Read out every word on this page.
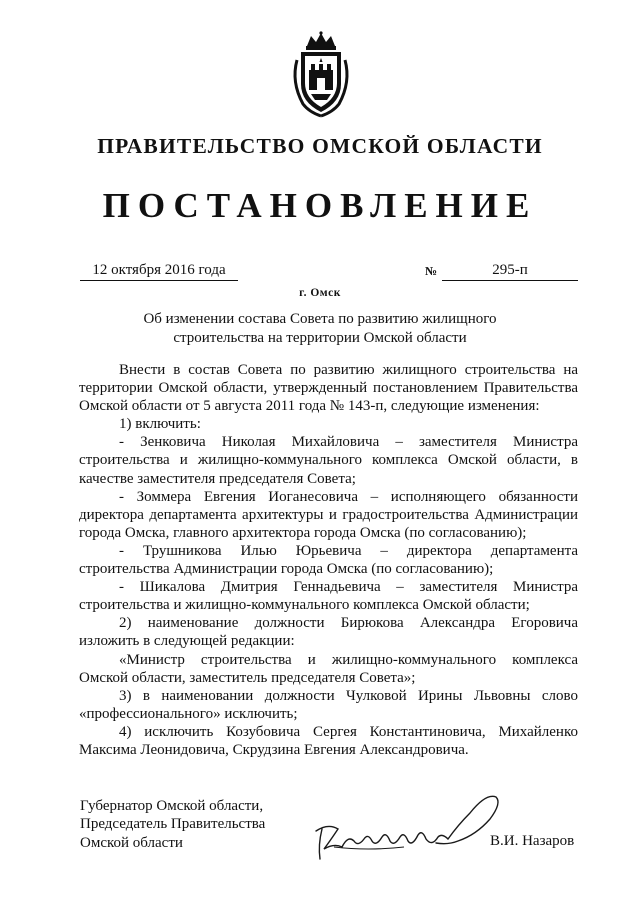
ПРАВИТЕЛЬСТВО ОМСКОЙ ОБЛАСТИ
ПОСТАНОВЛЕНИЕ
12 октября 2016 года	№	295-п
г. Омск
Об изменении состава Совета по развитию жилищного
строительства на территории Омской области

Внести в состав Совета по развитию жилищного строительства на территории Омской области, утвержденный постановлением Правительства Омской области от 5 августа 2011 года № 143-п, следующие изменения:

1) включить:

- Зенковича Николая Михайловича – заместителя Министра строительства и жилищно-коммунального комплекса Омской области, в качестве заместителя председателя Совета;

- Зоммера Евгения Иоганесовича – исполняющего обязанности директора департамента архитектуры и градостроительства Администрации города Омска, главного архитектора города Омска (по согласованию);

- Трушникова Илью Юрьевича – директора департамента строительства Администрации города Омска (по согласованию);

- Шикалова Дмитрия Геннадьевича – заместителя Министра строительства и жилищно-коммунального комплекса Омской области;

2) наименование должности Бирюкова Александра Егоровича изложить в следующей редакции:

«Министр строительства и жилищно-коммунального комплекса Омской области, заместитель председателя Совета»;

3) в наименовании должности Чулковой Ирины Львовны слово «профессионального» исключить;

4) исключить Козубовича Сергея Константиновича, Михайленко Максима Леонидовича, Скрудзина Евгения Александровича.

Губернатор Омской области,
Председатель Правительства
Омской области	В.И. Назаров
